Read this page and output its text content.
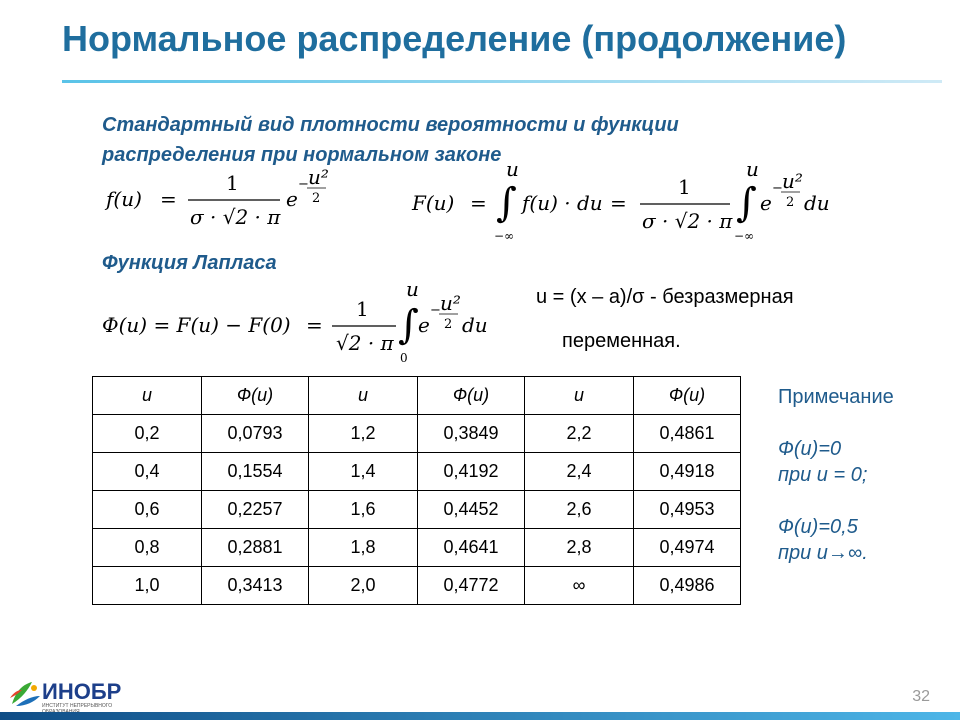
Нормальное распределение (продолжение)
Стандартный вид плотности вероятности и функции распределения при нормальном законе
f(u) =
1
σ · √2 · π
e
− u²
2	F(u) = ∫
u
−∞
f(u) · du =
1
σ · √2 · π ∫
u
−∞
e
− u²
2 du
Функция Лапласа
Ф(u) = F(u) − F(0) =
1
√2 · π ∫
u
0
e
− u²
2 du
u = (x – a)/σ - безразмерная
переменная.
u	Ф(u)	u	Ф(u)	u	Ф(u)
0,2	0,0793	1,2	0,3849	2,2	0,4861
0,4	0,1554	1,4	0,4192	2,4	0,4918
0,6	0,2257	1,6	0,4452	2,6	0,4953
0,8	0,2881	1,8	0,4641	2,8	0,4974
1,0	0,3413	2,0	0,4772	∞	0,4986
Примечание
Ф(u)=0
при u = 0;
Ф(u)=0,5
при u→∞.
ИНОБР
ИНСТИТУТ НЕПРЕРЫВНОГО
32
